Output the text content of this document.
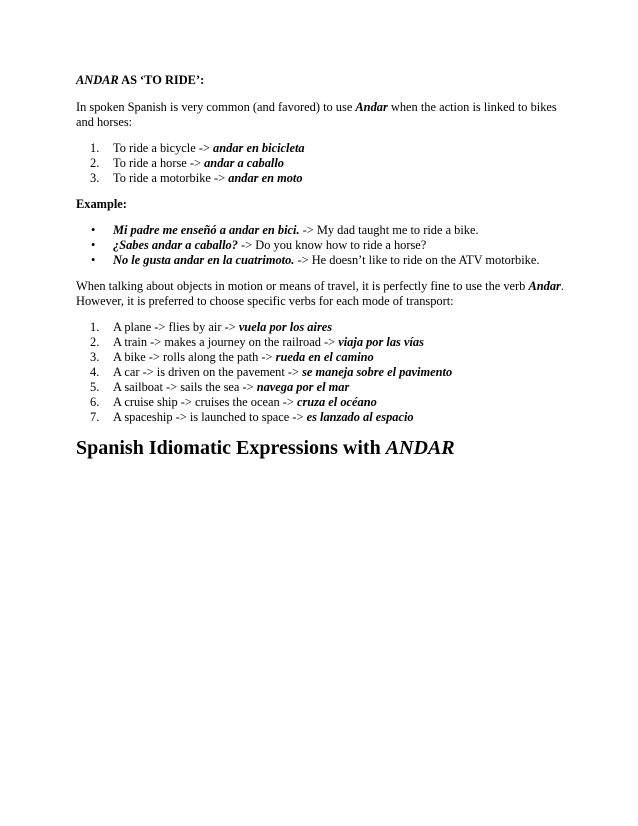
ANDAR AS ‘TO RIDE’:

In spoken Spanish is very common (and favored) to use Andar when the action is linked to bikes and horses:

1. To ride a bicycle -> andar en bicicleta
2. To ride a horse -> andar a caballo
3. To ride a motorbike -> andar en moto

Example:

• Mi padre me enseñó a andar en bici. -> My dad taught me to ride a bike.
• ¿Sabes andar a caballo? -> Do you know how to ride a horse?
• No le gusta andar en la cuatrimoto. -> He doesn’t like to ride on the ATV motorbike.

When talking about objects in motion or means of travel, it is perfectly fine to use the verb Andar. However, it is preferred to choose specific verbs for each mode of transport:

1. A plane -> flies by air -> vuela por los aires
2. A train -> makes a journey on the railroad -> viaja por las vías
3. A bike -> rolls along the path -> rueda en el camino
4. A car -> is driven on the pavement -> se maneja sobre el pavimento
5. A sailboat -> sails the sea -> navega por el mar
6. A cruise ship -> cruises the ocean -> cruza el océano
7. A spaceship -> is launched to space -> es lanzado al espacio
Spanish Idiomatic Expressions with ANDAR
